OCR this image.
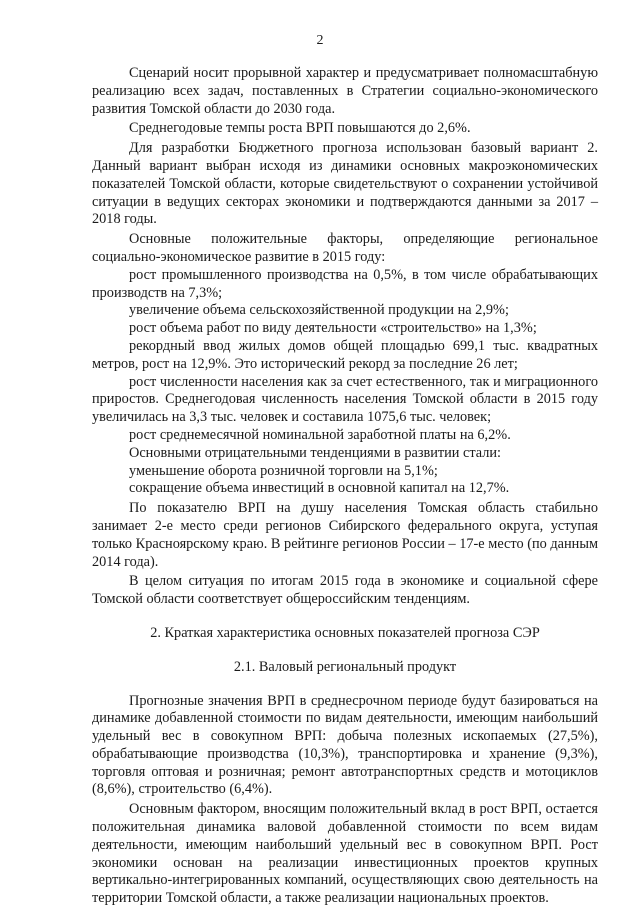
2

Сценарий носит прорывной характер и предусматривает полномасштабную реализацию всех задач, поставленных в Стратегии социально-экономического развития Томской области до 2030 года.

Среднегодовые темпы роста ВРП повышаются до 2,6%.

Для разработки Бюджетного прогноза использован базовый вариант 2. Данный вариант выбран исходя из динамики основных макроэкономических показателей Томской области, которые свидетельствуют о сохранении устойчивой ситуации в ведущих секторах экономики и подтверждаются данными за 2017 – 2018 годы.

Основные положительные факторы, определяющие региональное социально-экономическое развитие в 2015 году:

рост промышленного производства на 0,5%, в том числе обрабатывающих производств на 7,3%;

увеличение объема сельскохозяйственной продукции на 2,9%;

рост объема работ по виду деятельности «строительство» на 1,3%;

рекордный ввод жилых домов общей площадью 699,1 тыс. квадратных метров, рост на 12,9%. Это исторический рекорд за последние 26 лет;

рост численности населения как за счет естественного, так и миграционного приростов. Среднегодовая численность населения Томской области в 2015 году увеличилась на 3,3 тыс. человек и составила 1075,6 тыс. человек;

рост среднемесячной номинальной заработной платы на 6,2%.

Основными отрицательными тенденциями в развитии стали:

уменьшение оборота розничной торговли на 5,1%;

сокращение объема инвестиций в основной капитал на 12,7%.

По показателю ВРП на душу населения Томская область стабильно занимает 2-е место среди регионов Сибирского федерального округа, уступая только Красноярскому краю. В рейтинге регионов России – 17-е место (по данным 2014 года).

В целом ситуация по итогам 2015 года в экономике и социальной сфере Томской области соответствует общероссийским тенденциям.

2. Краткая характеристика основных показателей прогноза СЭР

2.1. Валовый региональный продукт

Прогнозные значения ВРП в среднесрочном периоде будут базироваться на динамике добавленной стоимости по видам деятельности, имеющим наибольший удельный вес в совокупном ВРП: добыча полезных ископаемых (27,5%), обрабатывающие производства (10,3%), транспортировка и хранение (9,3%), торговля оптовая и розничная; ремонт автотранспортных средств и мотоциклов (8,6%), строительство (6,4%).

Основным фактором, вносящим положительный вклад в рост ВРП, остается положительная динамика валовой добавленной стоимости по всем видам деятельности, имеющим наибольший удельный вес в совокупном ВРП. Рост экономики основан на реализации инвестиционных проектов крупных вертикально-интегрированных компаний, осуществляющих свою деятельность на территории Томской области, а также реализации национальных проектов.
